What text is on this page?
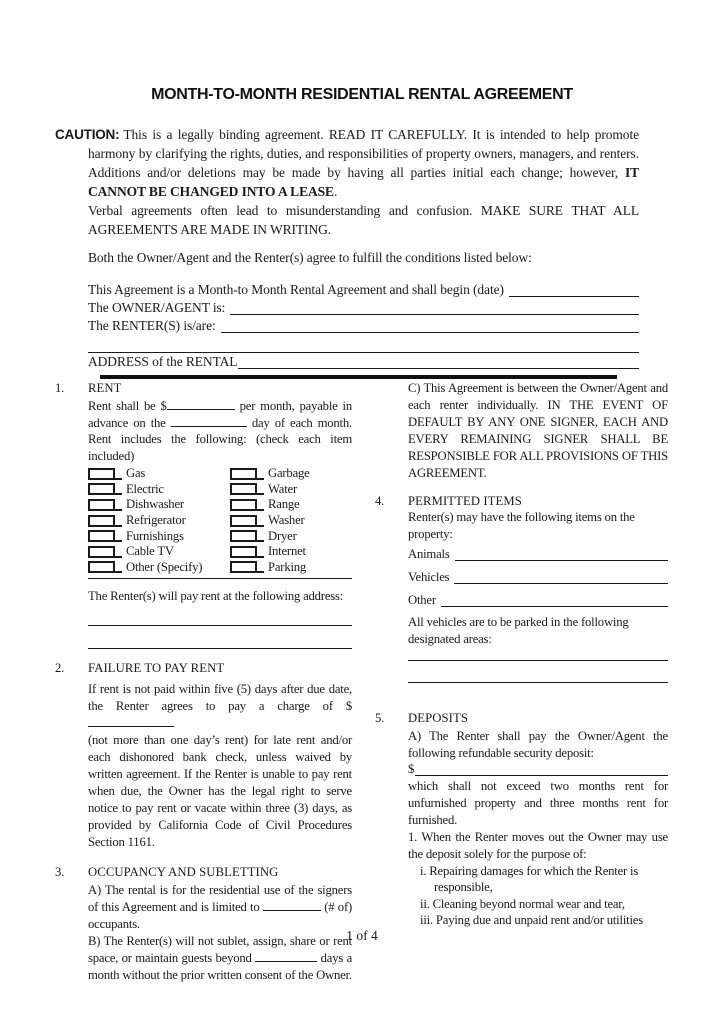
MONTH-TO-MONTH RESIDENTIAL RENTAL AGREEMENT

CAUTION: This is a legally binding agreement. READ IT CAREFULLY. It is intended to help promote harmony by clarifying the rights, duties, and responsibilities of property owners, managers, and renters. Additions and/or deletions may be made by having all parties initial each change; however, IT CANNOT BE CHANGED INTO A LEASE.

Verbal agreements often lead to misunderstanding and confusion. MAKE SURE THAT ALL AGREEMENTS ARE MADE IN WRITING.

Both the Owner/Agent and the Renter(s) agree to fulfill the conditions listed below:

This Agreement is a Month-to Month Rental Agreement and shall begin (date)
The OWNER/AGENT is:
The RENTER(S) is/are:
ADDRESS of the RENTAL
1.	RENT

Rent shall be $	per month, payable in advance on the	day of each month. Rent includes the following: (check each item included)

Gas	Garbage
Electric	Water
Dishwasher	Range
Refrigerator	Washer
Furnishings	Dryer
Cable TV	Internet
Other (Specify)	Parking

The Renter(s) will pay rent at the following address:

2.	FAILURE TO PAY RENT

If rent is not paid within five (5) days after due date, the Renter agrees to pay a charge of $

(not more than one day’s rent) for late rent and/or each dishonored bank check, unless waived by written agreement. If the Renter is unable to pay rent when due, the Owner has the legal right to serve notice to pay rent or vacate within three (3) days, as provided by California Code of Civil Procedures Section 1161.

3.	OCCUPANCY AND SUBLETTING

A) The rental is for the residential use of the signers of this Agreement and is limited to	(# of) occupants.

B) The Renter(s) will not sublet, assign, share or rent space, or maintain guests beyond	days a month without the prior written consent of the Owner.

C) This Agreement is between the Owner/Agent and each renter individually. IN THE EVENT OF DEFAULT BY ANY ONE SIGNER, EACH AND EVERY REMAINING SIGNER SHALL BE RESPONSIBLE FOR ALL PROVISIONS OF THIS AGREEMENT.

4.	PERMITTED ITEMS

Renter(s) may have the following items on the property:

Animals
Vehicles
Other

All vehicles are to be parked in the following designated areas:

5.	DEPOSITS

A) The Renter shall pay the Owner/Agent the following refundable security deposit:

$

which shall not exceed two months rent for unfurnished property and three months rent for furnished.

1. When the Renter moves out the Owner may use the deposit solely for the purpose of:

i. Repairing damages for which the Renter is responsible,
ii. Cleaning beyond normal wear and tear,
iii. Paying due and unpaid rent and/or utilities
1 of 4
